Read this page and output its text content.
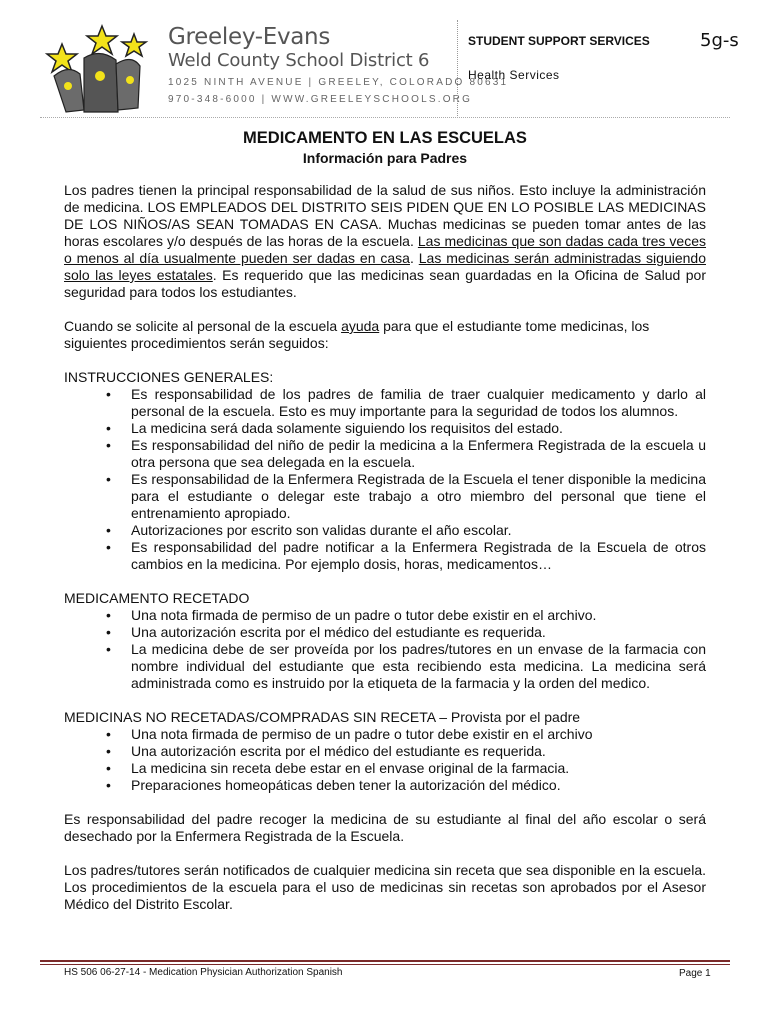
Greeley-Evans
Weld County School District 6
1025 NINTH AVENUE | GREELEY, COLORADO 80631
970-348-6000 | WWW.GREELEYSCHOOLS.ORG
STUDENT SUPPORT SERVICES	5g-s
Health Services
MEDICAMENTO EN LAS ESCUELAS
Información para Padres

Los padres tienen la principal responsabilidad de la salud de sus niños. Esto incluye la administración de medicina. LOS EMPLEADOS DEL DISTRITO SEIS PIDEN QUE EN LO POSIBLE LAS MEDICINAS DE LOS NIÑOS/AS SEAN TOMADAS EN CASA. Muchas medicinas se pueden tomar antes de las horas escolares y/o después de las horas de la escuela. Las medicinas que son dadas cada tres veces o menos al día usualmente pueden ser dadas en casa. Las medicinas serán administradas siguiendo solo las leyes estatales. Es requerido que las medicinas sean guardadas en la Oficina de Salud por seguridad para todos los estudiantes.

Cuando se solicite al personal de la escuela ayuda para que el estudiante tome medicinas, los siguientes procedimientos serán seguidos:

INSTRUCCIONES GENERALES:
• Es responsabilidad de los padres de familia de traer cualquier medicamento y darlo al personal de la escuela. Esto es muy importante para la seguridad de todos los alumnos.
• La medicina será dada solamente siguiendo los requisitos del estado.
• Es responsabilidad del niño de pedir la medicina a la Enfermera Registrada de la escuela u otra persona que sea delegada en la escuela.
• Es responsabilidad de la Enfermera Registrada de la Escuela el tener disponible la medicina para el estudiante o delegar este trabajo a otro miembro del personal que tiene el entrenamiento apropiado.
• Autorizaciones por escrito son validas durante el año escolar.
• Es responsabilidad del padre notificar a la Enfermera Registrada de la Escuela de otros cambios en la medicina. Por ejemplo dosis, horas, medicamentos…
MEDICAMENTO RECETADO
• Una nota firmada de permiso de un padre o tutor debe existir en el archivo.
• Una autorización escrita por el médico del estudiante es requerida.
• La medicina debe de ser proveída por los padres/tutores en un envase de la farmacia con nombre individual del estudiante que esta recibiendo esta medicina. La medicina será administrada como es instruido por la etiqueta de la farmacia y la orden del medico.
MEDICINAS NO RECETADAS/COMPRADAS SIN RECETA – Provista por el padre
• Una nota firmada de permiso de un padre o tutor debe existir en el archivo
• Una autorización escrita por el médico del estudiante es requerida.
• La medicina sin receta debe estar en el envase original de la farmacia.
• Preparaciones homeopáticas deben tener la autorización del médico.

Es responsabilidad del padre recoger la medicina de su estudiante al final del año escolar o será desechado por la Enfermera Registrada de la Escuela.

Los padres/tutores serán notificados de cualquier medicina sin receta que sea disponible en la escuela. Los procedimientos de la escuela para el uso de medicinas sin recetas son aprobados por el Asesor Médico del Distrito Escolar.

HS 506 06-27-14 - Medication Physician Authorization Spanish	Page 1
